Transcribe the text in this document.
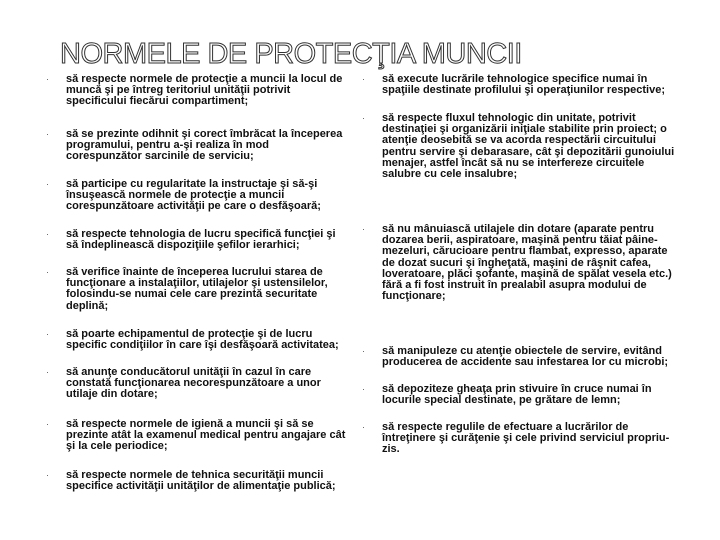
NORMELE DE PROTECŢIA MUNCII

· să respecte normele de protecţie a muncii la locul de muncă şi pe întreg teritoriul unităţii potrivit specificului fiecărui compartiment;

· să se prezinte odihnit şi corect îmbrăcat la începerea programului, pentru a-şi realiza în mod corespunzător sarcinile de serviciu;

· să participe cu regularitate la instructaje şi să-şi însuşească normele de protecţie a muncii corespunzătoare activităţii pe care o desfăşoară;

· să respecte tehnologia de lucru specifică funcţiei şi să îndeplinească dispoziţiile şefilor ierarhici;

· să verifice înainte de începerea lucrului starea de funcţionare a instalaţiilor, utilajelor şi ustensilelor, folosindu-se numai cele care prezintă securitate deplină;

· să poarte echipamentul de protecţie şi de lucru specific condiţiilor în care îşi desfăşoară activitatea;

· să anunţe conducătorul unităţii în cazul în care constată funcţionarea necorespunzătoare a unor utilaje din dotare;

· să respecte normele de igienă a muncii şi să se prezinte atât la examenul medical pentru angajare cât şi la cele periodice;

· să respecte normele de tehnica securităţii muncii specifice activităţii unităţilor de alimentaţie publică;

· să execute lucrările tehnologice specifice numai în spaţiile destinate profilului şi operaţiunilor respective;

· să respecte fluxul tehnologic din unitate, potrivit destinaţiei şi organizării iniţiale stabilite prin proiect; o atenţie deosebită se va acorda respectării circuitului pentru servire şi debarasare, cât şi depozitării gunoiului menajer, astfel încât să nu se interfereze circuitele salubre cu cele insalubre;

· să nu mânuiască utilajele din dotare (aparate pentru dozarea berii, aspiratoare, maşină pentru tăiat pâine-mezeluri, cărucioare pentru flambat, expresso, aparate de dozat sucuri şi îngheţată, maşini de râşnit cafea, loveratoare, plăci şofante, maşină de spălat vesela etc.) fără a fi fost instruit în prealabil asupra modului de funcţionare;

· să manipuleze cu atenţie obiectele de servire, evitând producerea de accidente sau infestarea lor cu microbi;

· să depoziteze gheaţa prin stivuire în cruce numai în locurile special destinate, pe grătare de lemn;

· să respecte regulile de efectuare a lucrărilor de întreţinere şi curăţenie şi cele privind serviciul propriu-zis.
